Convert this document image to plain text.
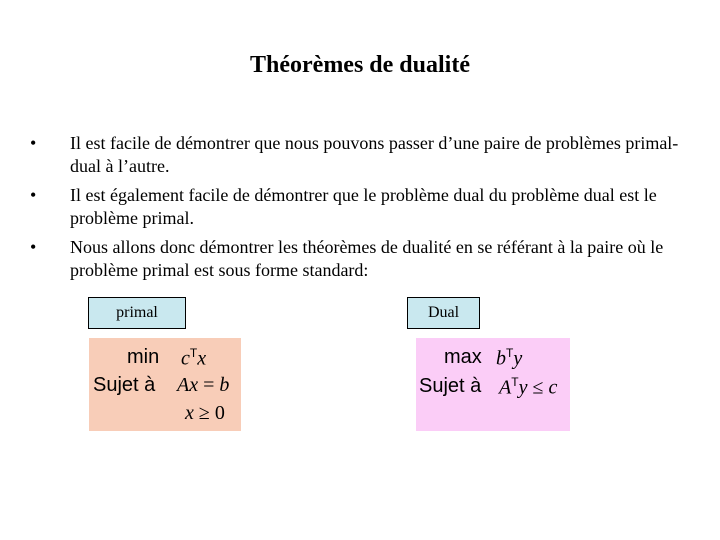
Théorèmes de dualité
•	Il est facile de démontrer que nous pouvons passer d’une paire de problèmes primal-dual à l’autre.
•	Il est également facile de démontrer que le problème dual du problème dual est le problème primal.
•	Nous allons donc démontrer les théorèmes de dualité en se référant à la paire où le problème primal est sous forme standard:
primal	Dual
$\min c^Tx$
Sujet à Ax = b
x ≥ 0
$\max b^Ty$
Sujet à $A^Ty \le c$
